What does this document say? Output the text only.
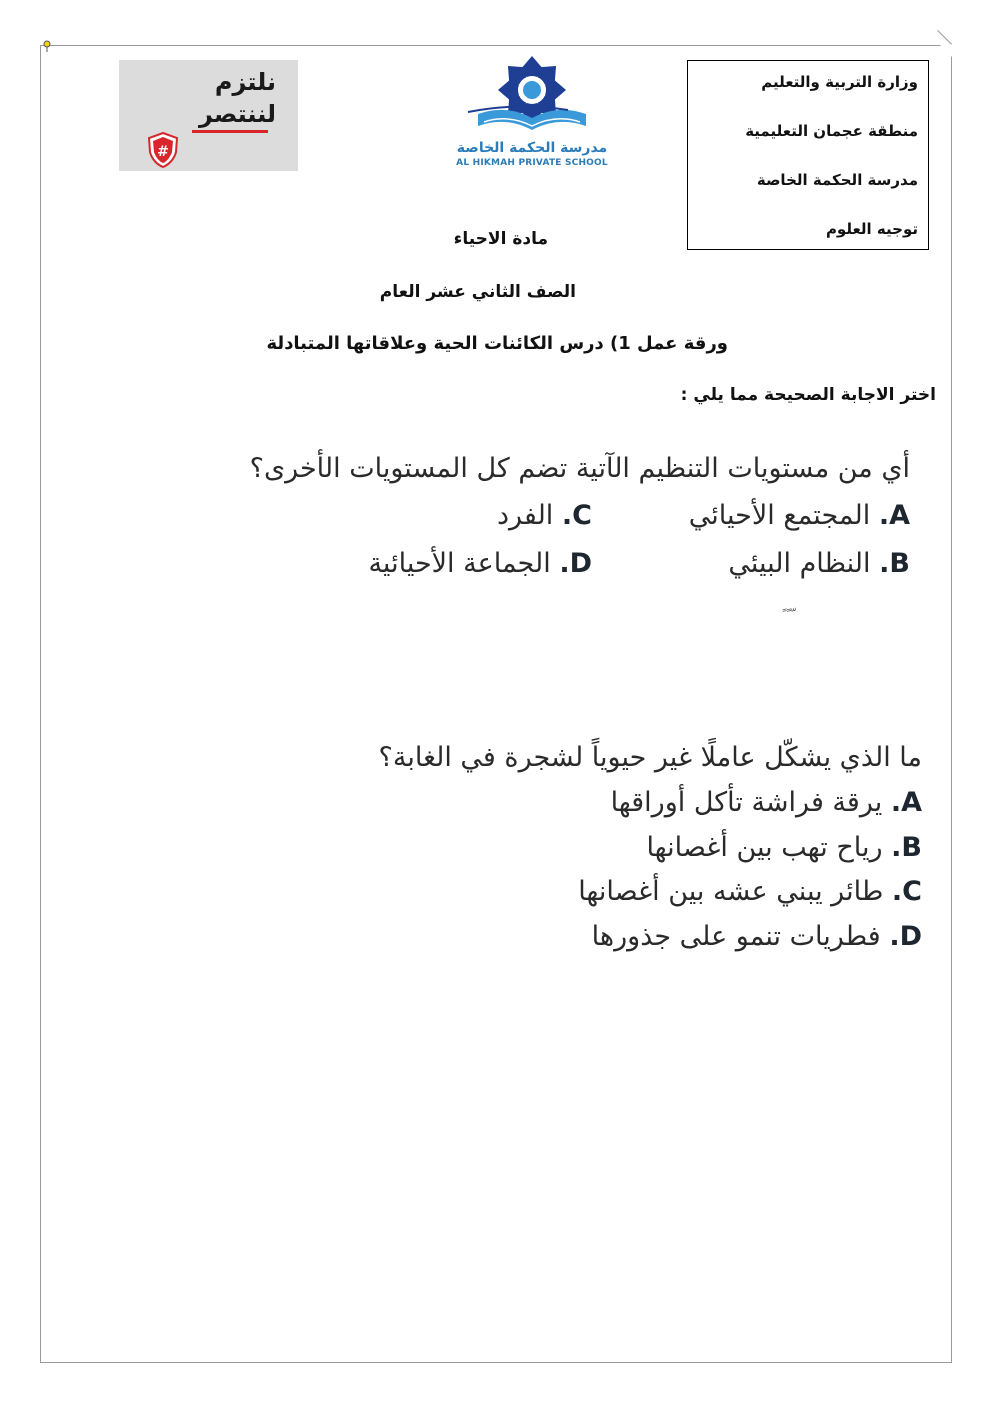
وزارة التربية والتعليم
منطقة عجمان التعليمية
مدرسة الحكمة الخاصة
توجيه العلوم
نلتزم
لننتصر
#	مدرسة الحكمة الخاصة
AL HIKMAH PRIVATE SCHOOL
مادة الاحياء
الصف الثاني عشر العام
ورقة عمل 1) درس الكائنات الحية وعلاقاتها المتبادلة
اختر الاجابة الصحيحة مما يلي :
أي من مستويات التنظيم الآتية تضم كل المستويات الأخرى؟
A. المجتمع الأحيائي
C. الفرد
B. النظام البيئي
D. الجماعة الأحيائية
ّ ً ً
ما الذي يشكّل عاملًا غير حيوياً لشجرة في الغابة؟
A. يرقة فراشة تأكل أوراقها
B. رياح تهب بين أغصانها
C. طائر يبني عشه بين أغصانها
D. فطريات تنمو على جذورها
